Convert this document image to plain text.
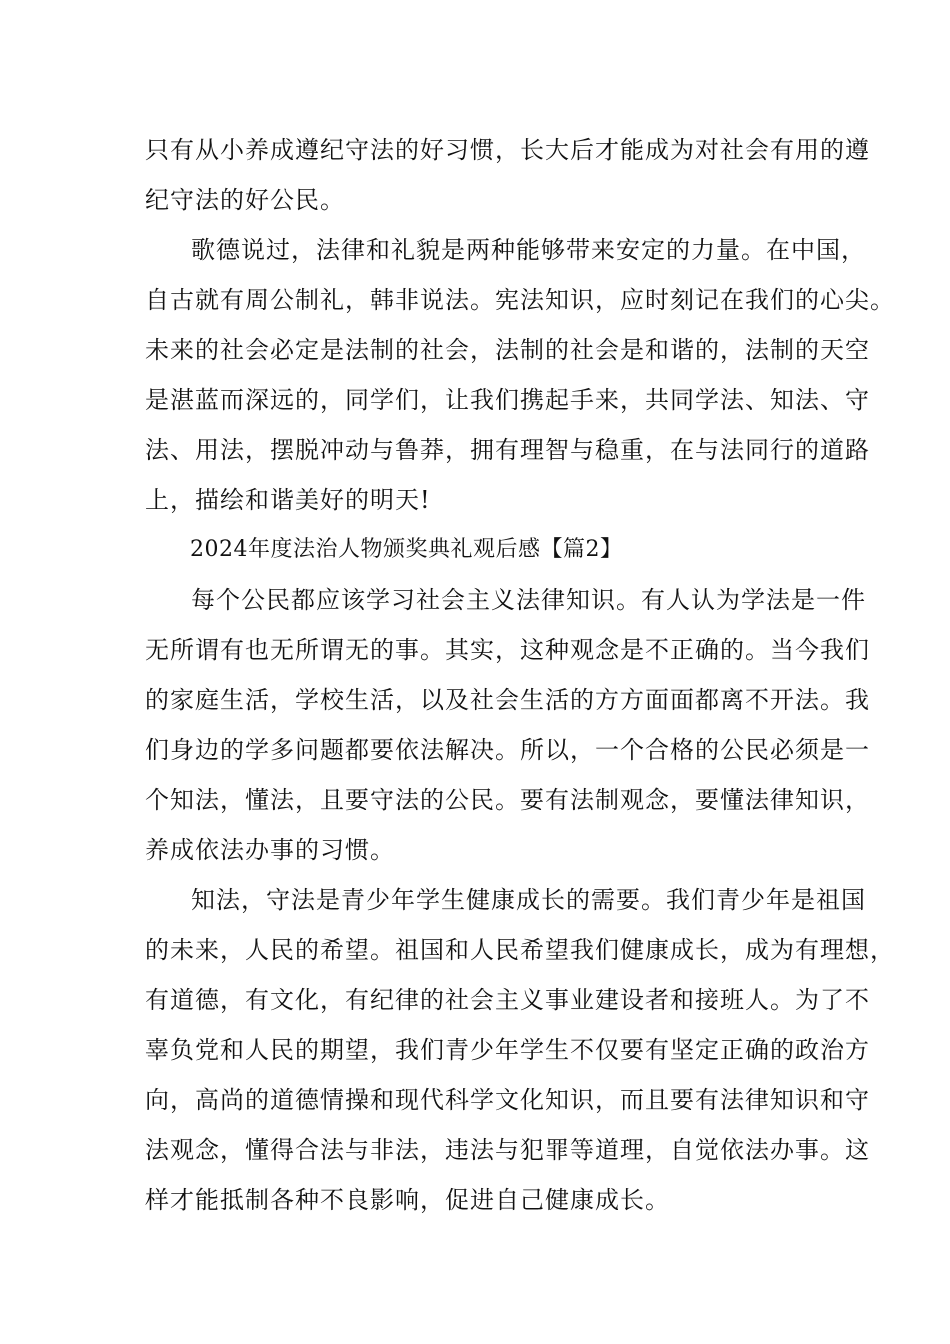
只有从小养成遵纪守法的好习惯，长大后才能成为对社会有用的遵
纪守法的好公民。
歌德说过，法律和礼貌是两种能够带来安定的力量。在中国，
自古就有周公制礼，韩非说法。宪法知识，应时刻记在我们的心尖。
未来的社会必定是法制的社会，法制的社会是和谐的，法制的天空
是湛蓝而深远的，同学们，让我们携起手来，共同学法、知法、守
法、用法，摆脱冲动与鲁莽，拥有理智与稳重，在与法同行的道路
上，描绘和谐美好的明天!
2024年度法治人物颁奖典礼观后感【篇2】
每个公民都应该学习社会主义法律知识。有人认为学法是一件
无所谓有也无所谓无的事。其实，这种观念是不正确的。当今我们
的家庭生活，学校生活，以及社会生活的方方面面都离不开法。我
们身边的学多问题都要依法解决。所以，一个合格的公民必须是一
个知法，懂法，且要守法的公民。要有法制观念，要懂法律知识，
养成依法办事的习惯。
知法，守法是青少年学生健康成长的需要。我们青少年是祖国
的未来，人民的希望。祖国和人民希望我们健康成长，成为有理想，
有道德，有文化，有纪律的社会主义事业建设者和接班人。为了不
辜负党和人民的期望，我们青少年学生不仅要有坚定正确的政治方
向，高尚的道德情操和现代科学文化知识，而且要有法律知识和守
法观念，懂得合法与非法，违法与犯罪等道理，自觉依法办事。这
样才能抵制各种不良影响，促进自己健康成长。
